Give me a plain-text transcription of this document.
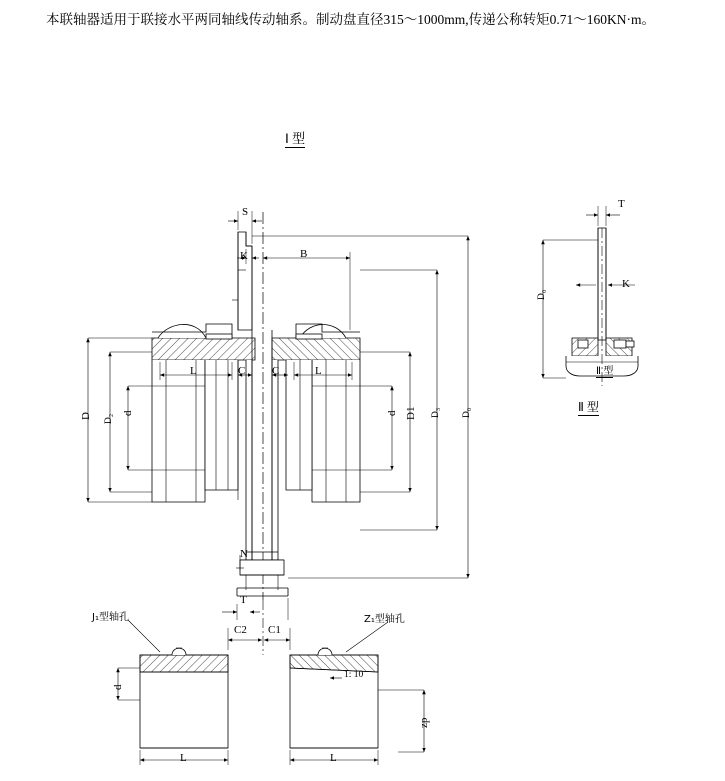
本联轴器适用于联接水平两同轴线传动轴系。制动盘直径315～1000mm,传递公称转矩0.71～160KN·m。
Ⅰ 型
Ⅱ 型
S
K	B
L	C C	L
D D₂
d	d D1 D₃ D₀
N
T
T
K
D₀
Ⅱ 型
J₁型轴孔	Z₁型轴孔
C2 C1
1: 10
d
zp
L	L
